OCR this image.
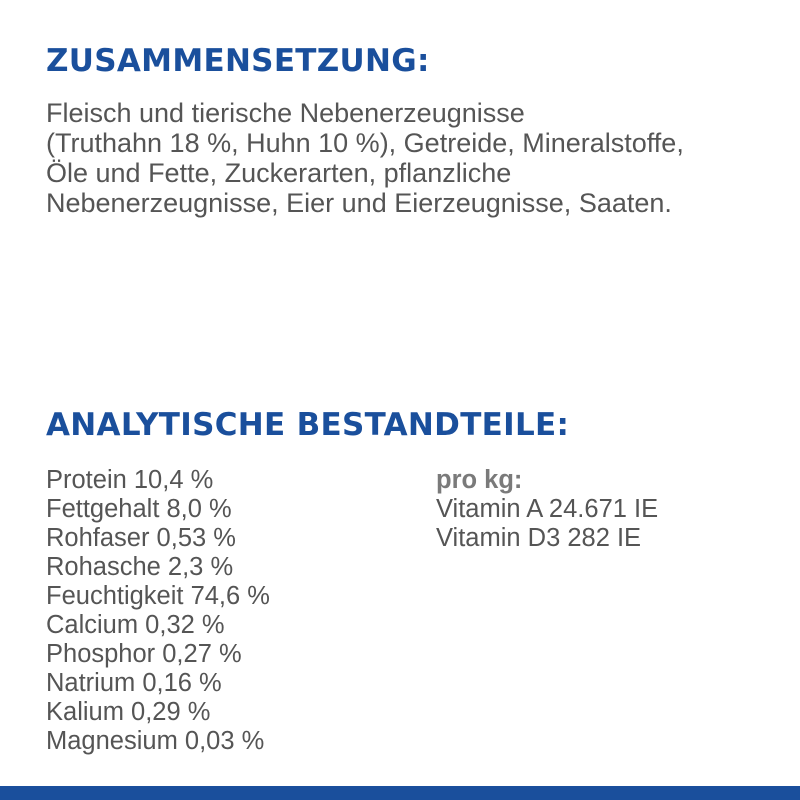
ZUSAMMENSETZUNG:

Fleisch und tierische Nebenerzeugnisse
(Truthahn 18 %, Huhn 10 %), Getreide, Mineralstoffe,
Öle und Fette, Zuckerarten, pflanzliche
Nebenerzeugnisse, Eier und Eierzeugnisse, Saaten.

ANALYTISCHE BESTANDTEILE:
Protein 10,4 %
Fettgehalt 8,0 %
Rohfaser 0,53 %
Rohasche 2,3 %
Feuchtigkeit 74,6 %
Calcium 0,32 %
Phosphor 0,27 %
Natrium 0,16 %
Kalium 0,29 %
Magnesium 0,03 %
pro kg:
Vitamin A 24.671 IE
Vitamin D3 282 IE
